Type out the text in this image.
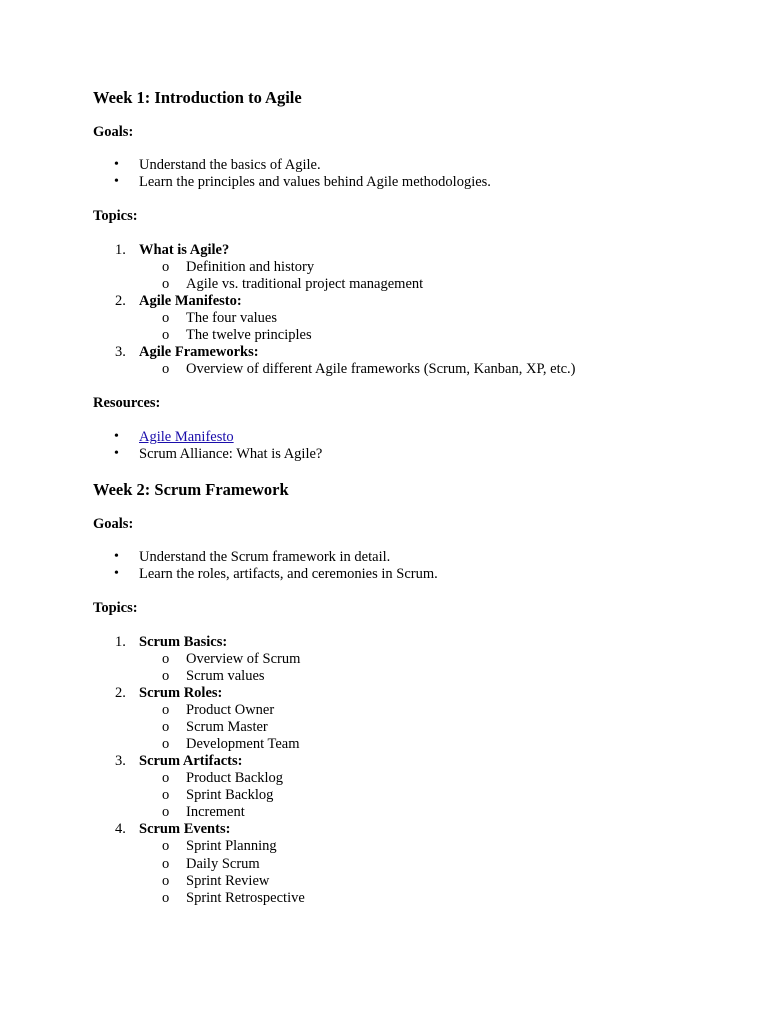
Week 1: Introduction to Agile
Goals:
• Understand the basics of Agile.
• Learn the principles and values behind Agile methodologies.
Topics:
1. What is Agile?
o Definition and history
o Agile vs. traditional project management
2. Agile Manifesto:
o The four values
o The twelve principles
3. Agile Frameworks:
o Overview of different Agile frameworks (Scrum, Kanban, XP, etc.)
Resources:
• Agile Manifesto
• Scrum Alliance: What is Agile?
Week 2: Scrum Framework
Goals:
• Understand the Scrum framework in detail.
• Learn the roles, artifacts, and ceremonies in Scrum.
Topics:
1. Scrum Basics:
o Overview of Scrum
o Scrum values
2. Scrum Roles:
o Product Owner
o Scrum Master
o Development Team
3. Scrum Artifacts:
o Product Backlog
o Sprint Backlog
o Increment
4. Scrum Events:
o Sprint Planning
o Daily Scrum
o Sprint Review
o Sprint Retrospective
